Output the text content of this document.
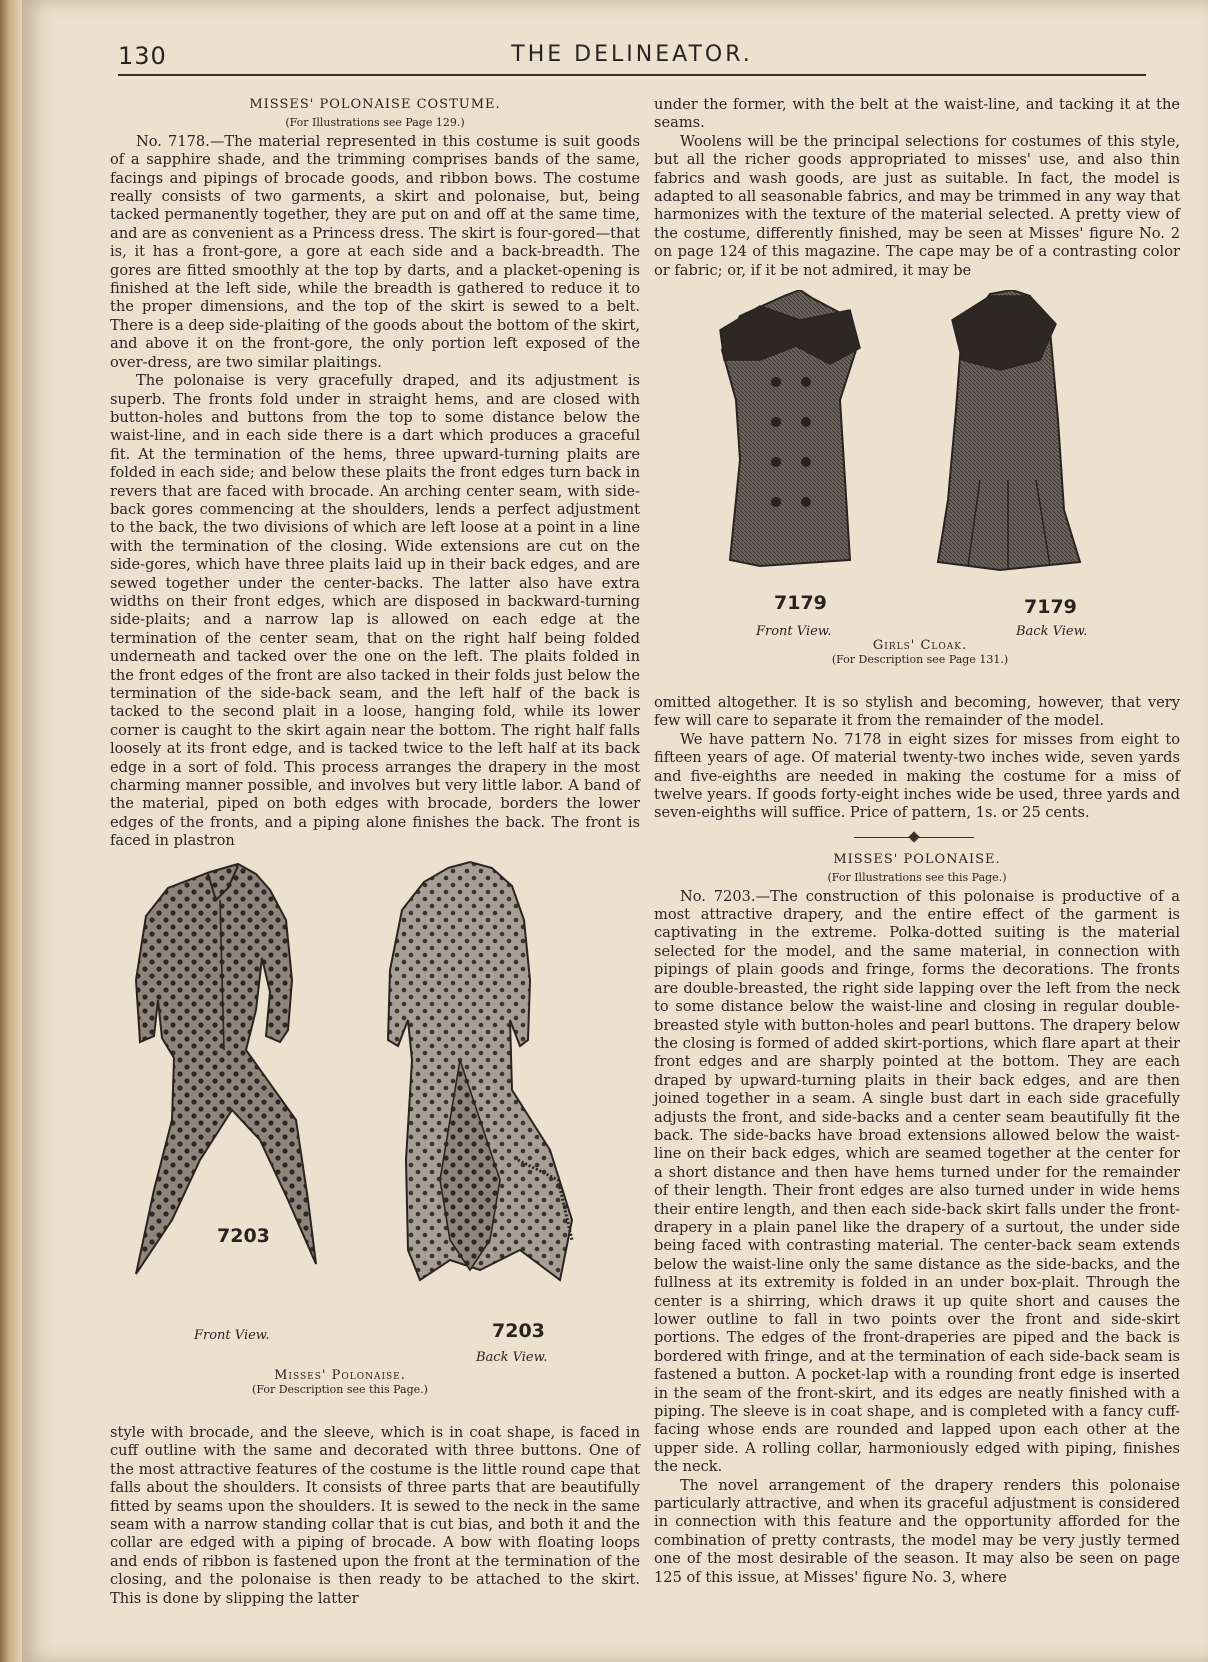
130	THE DELINEATOR.

MISSES' POLONAISE COSTUME.

(For Illustrations see Page 129.)

No. 7178.—The material represented in this costume is suit goods of a sapphire shade, and the trimming comprises bands of the same, facings and pipings of brocade goods, and ribbon bows. The costume really consists of two garments, a skirt and polonaise, but, being tacked permanently together, they are put on and off at the same time, and are as convenient as a Princess dress. The skirt is four-gored—that is, it has a front-gore, a gore at each side and a back-breadth. The gores are fitted smoothly at the top by darts, and a placket-opening is finished at the left side, while the breadth is gathered to reduce it to the proper dimensions, and the top of the skirt is sewed to a belt. There is a deep side-plaiting of the goods about the bottom of the skirt, and above it on the front-gore, the only portion left exposed of the over-dress, are two similar plaitings.

The polonaise is very gracefully draped, and its adjustment is superb. The fronts fold under in straight hems, and are closed with button-holes and buttons from the top to some distance below the waist-line, and in each side there is a dart which produces a graceful fit. At the termination of the hems, three upward-turning plaits are folded in each side; and below these plaits the front edges turn back in revers that are faced with brocade. An arching center seam, with side-back gores commencing at the shoulders, lends a perfect adjustment to the back, the two divisions of which are left loose at a point in a line with the termination of the closing. Wide extensions are cut on the side-gores, which have three plaits laid up in their back edges, and are sewed together under the center-backs. The latter also have extra widths on their front edges, which are disposed in backward-turning side-plaits; and a narrow lap is allowed on each edge at the termination of the center seam, that on the right half being folded underneath and tacked over the one on the left. The plaits folded in the front edges of the front are also tacked in their folds just below the termination of the side-back seam, and the left half of the back is tacked to the second plait in a loose, hanging fold, while its lower corner is caught to the skirt again near the bottom. The right half falls loosely at its front edge, and is tacked twice to the left half at its back edge in a sort of fold. This process arranges the drapery in the most charming manner possible, and involves but very little labor. A band of the material, piped on both edges with brocade, borders the lower edges of the fronts, and a piping alone finishes the back. The front is faced in plastron

7203
Front View.	7203
Back View.
Misses' Polonaise.
(For Description see this Page.)

style with brocade, and the sleeve, which is in coat shape, is faced in cuff outline with the same and decorated with three buttons. One of the most attractive features of the costume is the little round cape that falls about the shoulders. It consists of three parts that are beautifully fitted by seams upon the shoulders. It is sewed to the neck in the same seam with a narrow standing collar that is cut bias, and both it and the collar are edged with a piping of brocade. A bow with floating loops and ends of ribbon is fastened upon the front at the termination of the closing, and the polonaise is then ready to be attached to the skirt. This is done by slipping the latter

under the former, with the belt at the waist-line, and tacking it at the seams.

Woolens will be the principal selections for costumes of this style, but all the richer goods appropriated to misses' use, and also thin fabrics and wash goods, are just as suitable. In fact, the model is adapted to all seasonable fabrics, and may be trimmed in any way that harmonizes with the texture of the material selected. A pretty view of the costume, differently finished, may be seen at Misses' figure No. 2 on page 124 of this magazine. The cape may be of a contrasting color or fabric; or, if it be not admired, it may be

7179
Front View.
7179
Back View.
Girls' Cloak.
(For Description see Page 131.)

omitted altogether. It is so stylish and becoming, however, that very few will care to separate it from the remainder of the model.

We have pattern No. 7178 in eight sizes for misses from eight to fifteen years of age. Of material twenty-two inches wide, seven yards and five-eighths are needed in making the costume for a miss of twelve years. If goods forty-eight inches wide be used, three yards and seven-eighths will suffice. Price of pattern, 1s. or 25 cents.

MISSES' POLONAISE.

(For Illustrations see this Page.)

No. 7203.—The construction of this polonaise is productive of a most attractive drapery, and the entire effect of the garment is captivating in the extreme. Polka-dotted suiting is the material selected for the model, and the same material, in connection with pipings of plain goods and fringe, forms the decorations. The fronts are double-breasted, the right side lapping over the left from the neck to some distance below the waist-line and closing in regular double-breasted style with button-holes and pearl buttons. The drapery below the closing is formed of added skirt-portions, which flare apart at their front edges and are sharply pointed at the bottom. They are each draped by upward-turning plaits in their back edges, and are then joined together in a seam. A single bust dart in each side gracefully adjusts the front, and side-backs and a center seam beautifully fit the back. The side-backs have broad extensions allowed below the waist-line on their back edges, which are seamed together at the center for a short distance and then have hems turned under for the remainder of their length. Their front edges are also turned under in wide hems their entire length, and then each side-back skirt falls under the front-drapery in a plain panel like the drapery of a surtout, the under side being faced with contrasting material. The center-back seam extends below the waist-line only the same distance as the side-backs, and the fullness at its extremity is folded in an under box-plait. Through the center is a shirring, which draws it up quite short and causes the lower outline to fall in two points over the front and side-skirt portions. The edges of the front-draperies are piped and the back is bordered with fringe, and at the termination of each side-back seam is fastened a button. A pocket-lap with a rounding front edge is inserted in the seam of the front-skirt, and its edges are neatly finished with a piping. The sleeve is in coat shape, and is completed with a fancy cuff-facing whose ends are rounded and lapped upon each other at the upper side. A rolling collar, harmoniously edged with piping, finishes the neck.

The novel arrangement of the drapery renders this polonaise particularly attractive, and when its graceful adjustment is considered in connection with this feature and the opportunity afforded for the combination of pretty contrasts, the model may be very justly termed one of the most desirable of the season. It may also be seen on page 125 of this issue, at Misses' figure No. 3, where
